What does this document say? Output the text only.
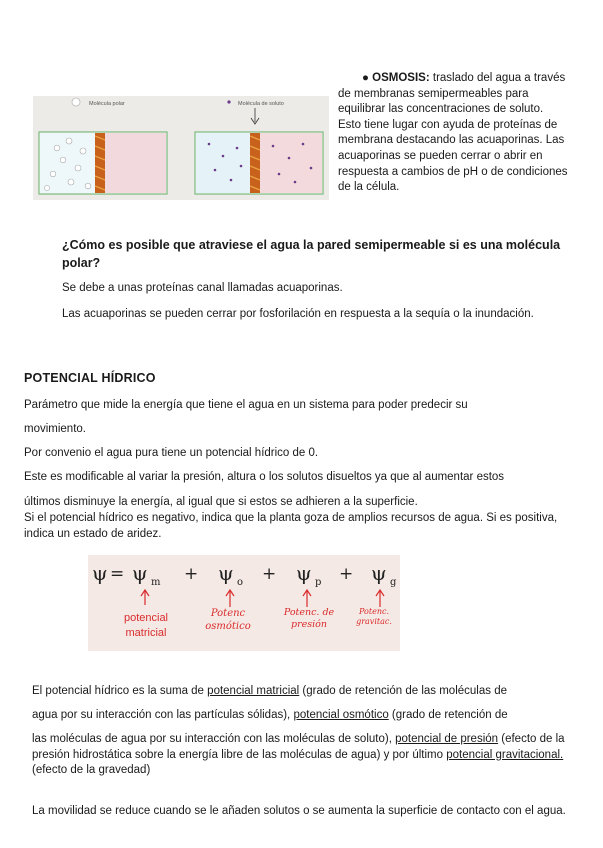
Molécula polar	Molécula de soluto
● OSMOSIS: traslado del agua a través de membranas semipermeables para equilibrar las concentraciones de soluto. Esto tiene lugar con ayuda de proteínas de membrana destacando las acuaporinas. Las acuaporinas se pueden cerrar o abrir en respuesta a cambios de pH o de condiciones de la célula.
¿Cómo es posible que atraviese el agua la pared semipermeable si es una molécula polar?
Se debe a unas proteínas canal llamadas acuaporinas.
Las acuaporinas se pueden cerrar por fosforilación en respuesta a la sequía o la inundación.
POTENCIAL HÍDRICO
Parámetro que mide la energía que tiene el agua en un sistema para poder predecir su
movimiento.
Por convenio el agua pura tiene un potencial hídrico de 0.
Este es modificable al variar la presión, altura o los solutos disueltos ya que al aumentar estos
últimos disminuye la energía, al igual que si estos se adhieren a la superficie.
Si el potencial hídrico es negativo, indica que la planta goza de amplios recursos de agua. Si es positiva, indica un estado de aridez.
ψ = ψ m + ψ o + ψ p + ψ g
potencial matricial
Potenc osmótico
Potenc. de presión
Potenc. gravitac.
El potencial hídrico es la suma de potencial matricial (grado de retención de las moléculas de
agua por su interacción con las partículas sólidas), potencial osmótico (grado de retención de
las moléculas de agua por su interacción con las moléculas de soluto), potencial de presión (efecto de la presión hidrostática sobre la energía libre de las moléculas de agua) y por último potencial gravitacional. (efecto de la gravedad)
La movilidad se reduce cuando se le añaden solutos o se aumenta la superficie de contacto con el agua.
